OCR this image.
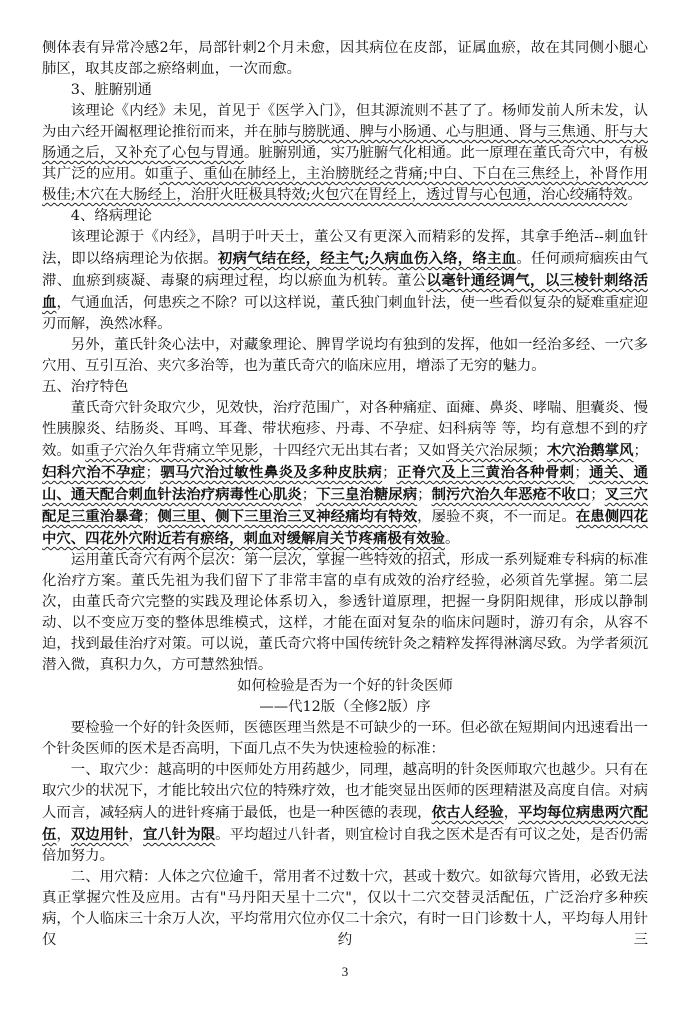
侧体表有异常冷感2年，局部针刺2个月未愈，因其病位在皮部，证属血瘀，故在其同侧小腿心肺区，取其皮部之瘀络刺血，一次而愈。

3、脏腑别通

该理论《内经》未见，首见于《医学入门》，但其源流则不甚了了。杨师发前人所未发，认为由六经开阖枢理论推衍而来，并在肺与膀胱通、脾与小肠通、心与胆通、肾与三焦通、肝与大肠通之后，又补充了心包与胃通。脏腑别通，实乃脏腑气化相通。此一原理在董氏奇穴中，有极其广泛的应用。如重子、重仙在肺经上，主治膀胱经之背痛;中白、下白在三焦经上，补肾作用极佳;木穴在大肠经上，治肝火旺极具特效;火包穴在胃经上，透过胃与心包通，治心绞痛特效。

4、络病理论

该理论源于《内经》，昌明于叶天士，董公又有更深入而精彩的发挥，其拿手绝活--刺血针法，即以络病理论为依据。初病气结在经，经主气;久病血伤入络，络主血。任何顽疴痼疾由气滞、血瘀到痰凝、毒聚的病理过程，均以瘀血为机转。董公以毫针通经调气，以三棱针刺络活血，气通血活，何患疾之不除？可以这样说，董氏独门刺血针法，使一些看似复杂的疑难重症迎刃而解，涣然冰释。

另外，董氏针灸心法中，对藏象理论、脾胃学说均有独到的发挥，他如一经治多经、一穴多穴用、互引互治、夹穴多治等，也为董氏奇穴的临床应用，增添了无穷的魅力。

五、治疗特色

董氏奇穴针灸取穴少，见效快，治疗范围广，对各种痛症、面瘫、鼻炎、哮喘、胆囊炎、慢性胰腺炎、结肠炎、耳鸣、耳聋、带状疱疹、丹毒、不孕症、妇科病等 等，均有意想不到的疗效。如重子穴治久年背痛立竿见影，十四经穴无出其右者；又如肾关穴治尿频；木穴治鹅掌风；妇科穴治不孕症；驷马穴治过敏性鼻炎及多种皮肤病；正脊穴及上三黄治各种骨刺；通关、通山、通天配合刺血针法治疗病毒性心肌炎；下三皇治糖尿病；制污穴治久年恶疮不收口；叉三穴配足三重治暴聋；侧三里、侧下三里治三叉神经痛均有特效，屡验不爽，不一而足。在患侧四花中穴、四花外穴附近若有瘀络，刺血对缓解肩关节疼痛极有效验。

运用董氏奇穴有两个层次：第一层次，掌握一些特效的招式，形成一系列疑难专科病的标准化治疗方案。董氏先祖为我们留下了非常丰富的卓有成效的治疗经验，必须首先掌握。第二层次，由董氏奇穴完整的实践及理论体系切入，参透针道原理，把握一身阴阳规律，形成以静制动、以不变应万变的整体思维模式，这样，才能在面对复杂的临床问题时，游刃有余，从容不迫，找到最佳治疗对策。可以说，董氏奇穴将中国传统针灸之精粹发挥得淋漓尽致。为学者须沉潜入微，真积力久，方可慧然独悟。

如何检验是否为一个好的针灸医师

——代12版（全修2版）序

要检验一个好的针灸医师，医德医理当然是不可缺少的一环。但必欲在短期间内迅速看出一个针灸医师的医术是否高明，下面几点不失为快速检验的标准：

一、取穴少：越高明的中医师处方用药越少，同理，越高明的针灸医师取穴也越少。只有在取穴少的状况下，才能比较出穴位的特殊疗效，也才能突显出医师的医理精湛及高度自信。对病人而言，减轻病人的进针疼痛于最低，也是一种医德的表现，依古人经验，平均每位病患两穴配伍，双边用针，宜八针为限。平均超过八针者，则宜检讨自我之医术是否有可议之处，是否仍需倍加努力。

二、用穴精：人体之穴位逾千，常用者不过数十穴，甚或十数穴。如欲每穴皆用，必致无法真正掌握穴性及应用。古有"马丹阳天星十二穴"，仅以十二穴交替灵活配伍，广泛治疗多种疾病，个人临床三十余万人次，平均常用穴位亦仅二十余穴，有时一日门诊数十人，平均每人用针仅约三

3
